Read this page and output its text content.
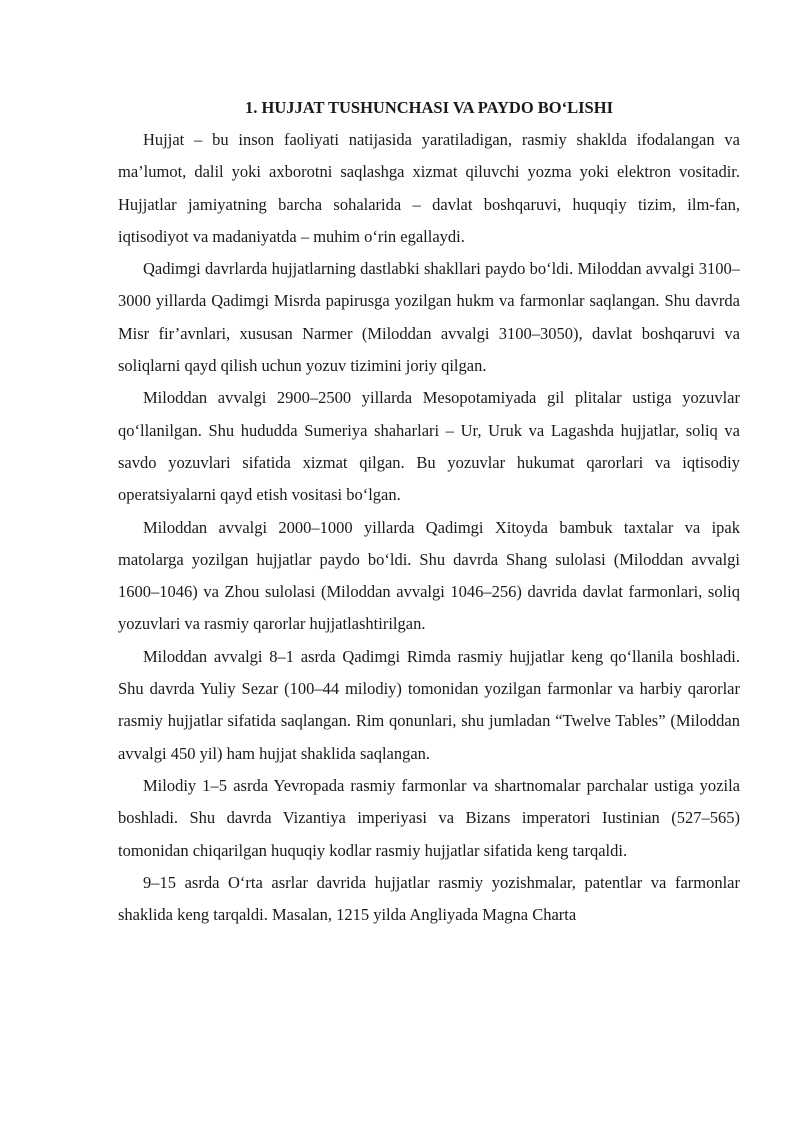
1. HUJJAT TUSHUNCHASI VA PAYDO BO‘LISHI

Hujjat – bu inson faoliyati natijasida yaratiladigan, rasmiy shaklda ifodalangan va ma’lumot, dalil yoki axborotni saqlashga xizmat qiluvchi yozma yoki elektron vositadir. Hujjatlar jamiyatning barcha sohalarida – davlat boshqaruvi, huquqiy tizim, ilm-fan, iqtisodiyot va madaniyatda – muhim o‘rin egallaydi.

Qadimgi davrlarda hujjatlarning dastlabki shakllari paydo bo‘ldi. Miloddan avvalgi 3100–3000 yillarda Qadimgi Misrda papirusga yozilgan hukm va farmonlar saqlangan. Shu davrda Misr fir’avnlari, xususan Narmer (Miloddan avvalgi 3100–3050), davlat boshqaruvi va soliqlarni qayd qilish uchun yozuv tizimini joriy qilgan.

Miloddan avvalgi 2900–2500 yillarda Mesopotamiyada gil plitalar ustiga yozuvlar qo‘llanilgan. Shu hududda Sumeriya shaharlari – Ur, Uruk va Lagashda hujjatlar, soliq va savdo yozuvlari sifatida xizmat qilgan. Bu yozuvlar hukumat qarorlari va iqtisodiy operatsiyalarni qayd etish vositasi bo‘lgan.

Miloddan avvalgi 2000–1000 yillarda Qadimgi Xitoyda bambuk taxtalar va ipak matolarga yozilgan hujjatlar paydo bo‘ldi. Shu davrda Shang sulolasi (Miloddan avvalgi 1600–1046) va Zhou sulolasi (Miloddan avvalgi 1046–256) davrida davlat farmonlari, soliq yozuvlari va rasmiy qarorlar hujjatlashtirilgan.

Miloddan avvalgi 8–1 asrda Qadimgi Rimda rasmiy hujjatlar keng qo‘llanila boshladi. Shu davrda Yuliy Sezar (100–44 milodiy) tomonidan yozilgan farmonlar va harbiy qarorlar rasmiy hujjatlar sifatida saqlangan. Rim qonunlari, shu jumladan “Twelve Tables” (Miloddan avvalgi 450 yil) ham hujjat shaklida saqlangan.

Milodiy 1–5 asrda Yevropada rasmiy farmonlar va shartnomalar parchalar ustiga yozila boshladi. Shu davrda Vizantiya imperiyasi va Bizans imperatori Iustinian (527–565) tomonidan chiqarilgan huquqiy kodlar rasmiy hujjatlar sifatida keng tarqaldi.

9–15 asrda O‘rta asrlar davrida hujjatlar rasmiy yozishmalar, patentlar va farmonlar shaklida keng tarqaldi. Masalan, 1215 yilda Angliyada Magna Charta
